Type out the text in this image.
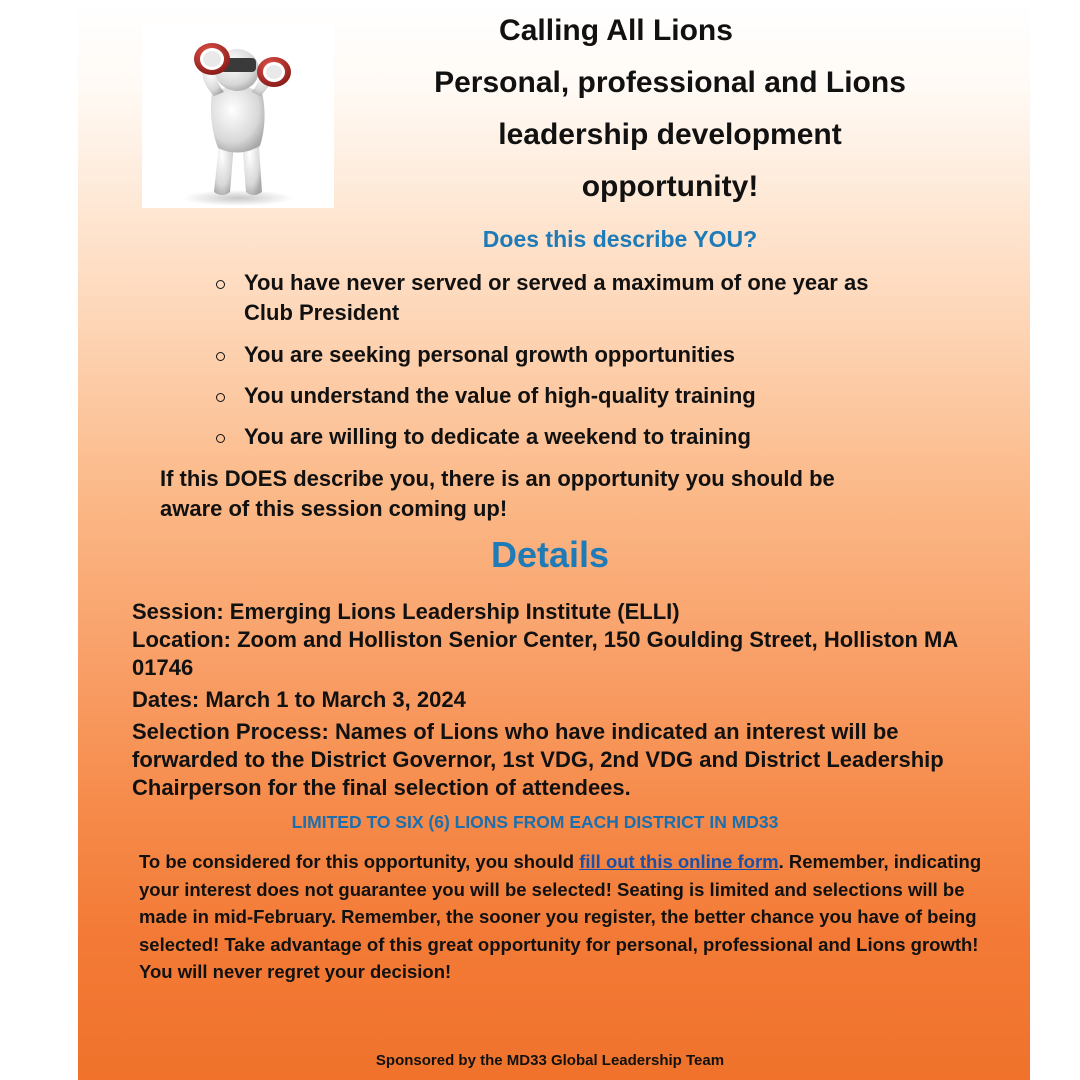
Calling All Lions
Personal, professional and Lions
leadership development
opportunity!
Does this describe YOU?
You have never served or served a maximum of one year as Club President
You are seeking personal growth opportunities
You understand the value of high-quality training
You are willing to dedicate a weekend to training
If this DOES describe you, there is an opportunity you should be aware of this session coming up!
Details

Session: Emerging Lions Leadership Institute (ELLI)

Location: Zoom and Holliston Senior Center, 150 Goulding Street, Holliston MA 01746

Dates: March 1 to March 3, 2024

Selection Process: Names of Lions who have indicated an interest will be forwarded to the District Governor, 1st VDG, 2nd VDG and District Leadership Chairperson for the final selection of attendees.

LIMITED TO SIX (6) LIONS FROM EACH DISTRICT IN MD33
To be considered for this opportunity, you should fill out this online form. Remember, indicating your interest does not guarantee you will be selected! Seating is limited and selections will be made in mid-February. Remember, the sooner you register, the better chance you have of being selected! Take advantage of this great opportunity for personal, professional and Lions growth! You will never regret your decision!
Sponsored by the MD33 Global Leadership Team
